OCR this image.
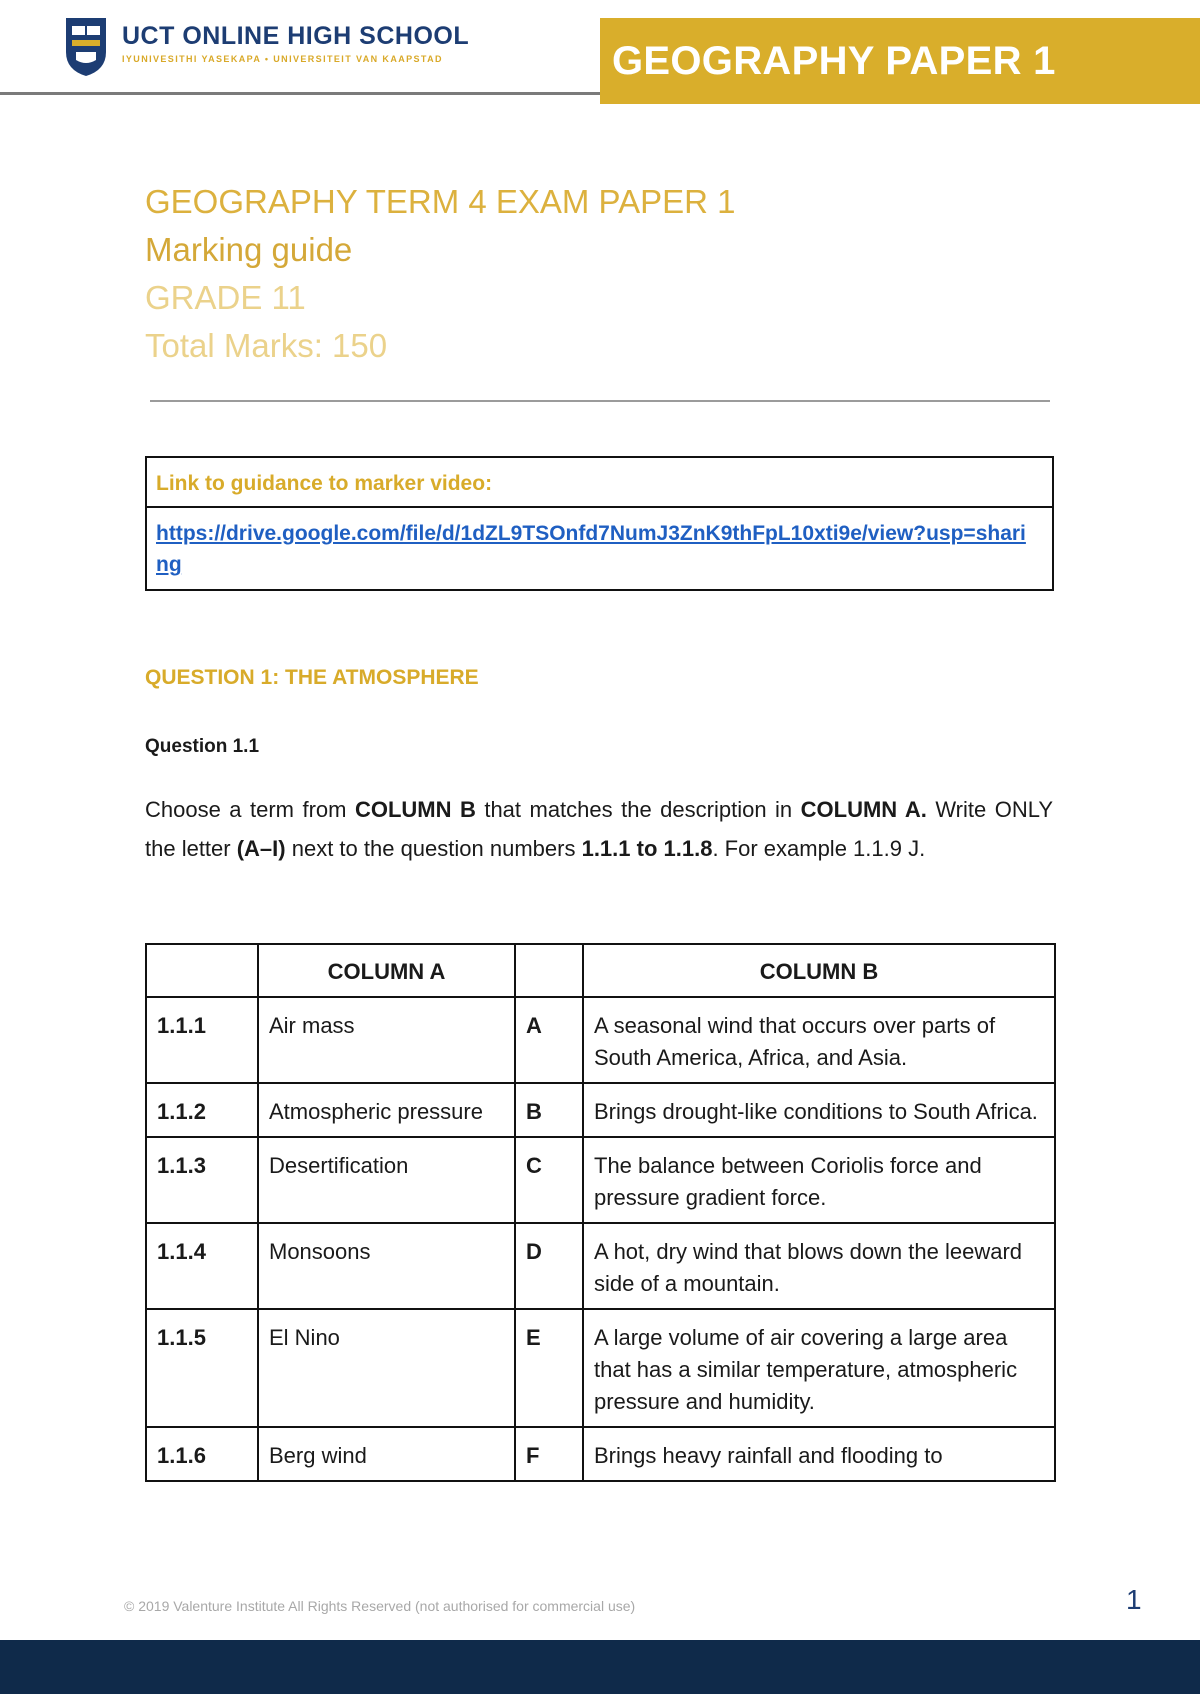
UCT ONLINE HIGH SCHOOL
IYUNIVESITHI YASEKAPA • UNIVERSITEIT VAN KAAPSTAD	GEOGRAPHY PAPER 1
GEOGRAPHY TERM 4 EXAM PAPER 1
Marking guide
GRADE 11
Total Marks: 150
Link to guidance to marker video:
https://drive.google.com/file/d/1dZL9TSOnfd7NumJ3ZnK9thFpL10xti9e/view?usp=sharing
QUESTION 1: THE ATMOSPHERE
Question 1.1
Choose a term from COLUMN B that matches the description in COLUMN A. Write ONLY the letter (A–I) next to the question numbers 1.1.1 to 1.1.8. For example 1.1.9 J.
	COLUMN A		COLUMN B
1.1.1	Air mass	A	A seasonal wind that occurs over parts of South America, Africa, and Asia.
1.1.2	Atmospheric pressure	B	Brings drought-like conditions to South Africa.
1.1.3	Desertification	C	The balance between Coriolis force and pressure gradient force.
1.1.4	Monsoons	D	A hot, dry wind that blows down the leeward side of a mountain.
1.1.5	El Nino	E	A large volume of air covering a large area that has a similar temperature, atmospheric pressure and humidity.
1.1.6	Berg wind	F	Brings heavy rainfall and flooding to
© 2019 Valenture Institute All Rights Reserved (not authorised for commercial use)	1
